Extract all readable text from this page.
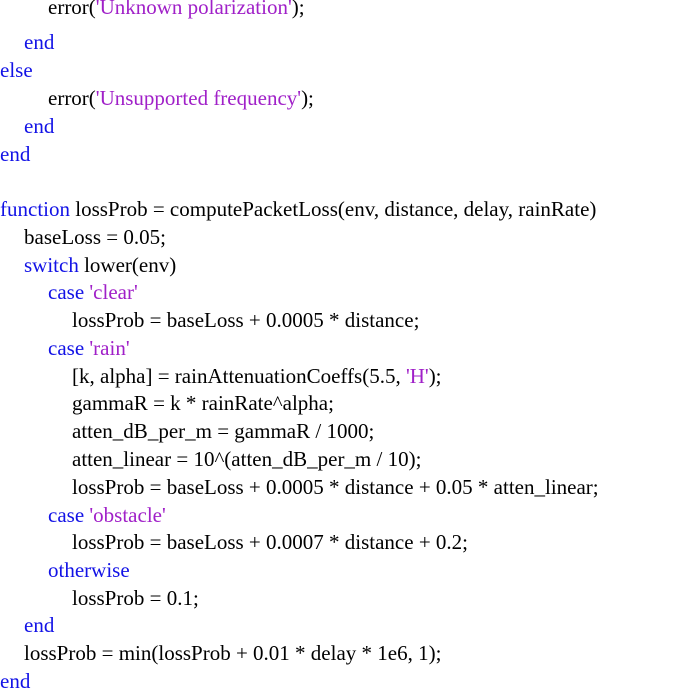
error('Unknown polarization');
end
else
error('Unsupported frequency');
end
end
function lossProb = computePacketLoss(env, distance, delay, rainRate)
baseLoss = 0.05;
switch lower(env)
case 'clear'
lossProb = baseLoss + 0.0005 * distance;
case 'rain'
[k, alpha] = rainAttenuationCoeffs(5.5, 'H');
gammaR = k * rainRate^alpha;
atten_dB_per_m = gammaR / 1000;
atten_linear = 10^(atten_dB_per_m / 10);
lossProb = baseLoss + 0.0005 * distance + 0.05 * atten_linear;
case 'obstacle'
lossProb = baseLoss + 0.0007 * distance + 0.2;
otherwise
lossProb = 0.1;
end
lossProb = min(lossProb + 0.01 * delay * 1e6, 1);
end
